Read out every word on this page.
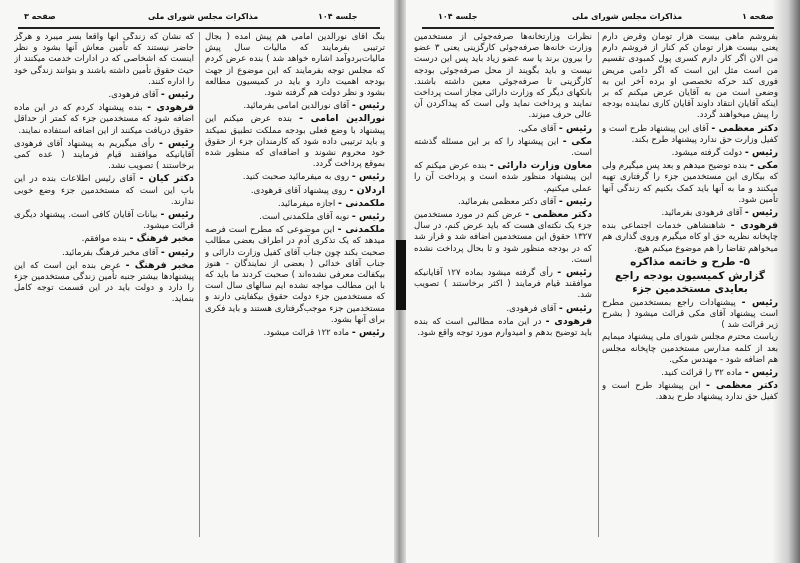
صفحه ۳	مذاکرات مجلس شورای ملی	جلسه ۱۰۴

بنگ آقای نورالدین امامی هم پیش آمده ( بجال ترتیبی بفرمایند که مالیات سال پیش مالیات‌بردوآمد اشاره خواهد شد ) بنده عرض کردم که مجلس توجه بفرمایند که این موضوع از جهت بودجه اهمیت دارد و باید در کمیسیون مطالعه بشود و نظر دولت هم گرفته شود.

رئیس - آقای نورالدین امامی بفرمائید.

نورالدین امامی - بنده عرض میکنم این پیشنهاد با وضع فعلی بودجه مملکت تطبیق نمیکند و باید ترتیبی داده شود که کارمندان جزء از حقوق خود محروم نشوند و اضافه‌ای که منظور شده بموقع پرداخت گردد.

رئیس - روی به میفرمائید صحبت کنید.

اردلان - روی پیشنهاد آقای فرهودی.

ملکمدنی - اجازه میفرمائید.

رئیس - نوبه آقای ملکمدنی است.

ملکمدنی - این موضوعی که مطرح است فرصه میدهد که یک تذکری آدم در اطراف بعضی مطالب صحبت بکند چون جناب آقای کفیل وزارت دارائی و جناب آقای خدائی ( بعضی از نمایندگان - هنوز بیکفالت معرفی نشده‌اند ) صحبت کردند ما باید که با این مطالب مواجه نشده ایم سالهای سال است که مستخدمین جزء دولت حقوق بیکفایتی دارند و مستخدمین جزء موجب‌گرفتاری هستند و باید فکری برای آنها بشود.

رئیس - ماده ۱۲۲ قرائت میشود.

که نشان که زندگی آنها واقعاً بسر میبرد و هرگز حاضر نیستند که تأمین معاش آنها بشود و نظر اینست که اشخاصی که در ادارات خدمت میکنند از حیث حقوق تأمین داشته باشند و بتوانند زندگی خود را اداره کنند.

رئیس - آقای فرهودی.

فرهودی - بنده پیشنهاد کردم که در این ماده اضافه شود که مستخدمین جزء که کمتر از حداقل حقوق دریافت میکنند از این اضافه استفاده نمایند.

رئیس - رأی میگیریم به پیشنهاد آقای فرهودی آقایانیکه موافقند قیام فرمایند ( عده کمی برخاستند ) تصویب نشد.

دکتر کیان - آقای رئیس اطلاعات بنده در این باب این است که مستخدمین جزء وضع خوبی ندارند.

رئیس - بیانات آقایان کافی است. پیشنهاد دیگری قرائت میشود.

مخبر فرهنگ - بنده موافقم.

رئیس - آقای مخبر فرهنگ بفرمائید.

مخبر فرهنگ - عرض بنده این است که این پیشنهادها بیشتر جنبه تأمین زندگی مستخدمین جزء را دارد و دولت باید در این قسمت توجه کامل بنماید.

جلسه ۱۰۴	مذاکرات مجلس شورای ملی	صفحه ۱

بفروشم ماهی بیست هزار تومان وقرض دارم یعنی بیست هزار تومان کم کنار از فروشم دارم من الان اگر کار دارم کسری پول کمبودی تقسیم من است مثل این است که اگر دامی مریض فوری کند حرکه تخصصی او برده آخر این به وضعی است من به آقایان عرض میکنم که بر اینکه آقایان انتقاد داوند آقایان کاری نماینده بودجه را پیش میخواهند گردد.

دکتر معظمی - آقای این پیشنهاد طرح است و کفیل وزارت حق ندارد پیشنهاد طرح بکند.

رئیس - دولت گرفته میشود.

مکی - بنده توضیح میدهم و بعد پس میگیرم ولی که بیکاری این مستخدمین جزء را گرفتاری تهیه میکنند و ما به آنها باید کمک بکنیم که زندگی آنها تأمین شود.

رئیس - آقای فرهودی بفرمائید.

فرهودی - شاهنشاهی خدمات اجتماعی بنده چاپخانه نظریه حق او کاه میگیرم وروی گذاری هم میخواهم تقاضا را هم موضوع میکنم هیچ.

۵- طرح و خاتمه مذاکره

گزارش کمیسیون بودجه راجع بعایدی مستخدمین جزء

رئیس - پیشنهادات راجع بمستخدمین مطرح است پیشنهاد آقای مکی قرائت میشود ( بشرح زیر قرائت شد )

ریاست محترم مجلس شورای ملی پیشنهاد میمایم بعد از کلمه مدارس مستخدمین چاپخانه مجلس هم اضافه شود - مهندس مکی.

رئیس - ماده ۳۲ را قرائت کنید.

دکتر معظمی - این پیشنهاد طرح است و کفیل حق ندارد پیشنهاد طرح بدهد.

نظرات وزارتخانه‌ها صرفه‌جوئی از مستخدمین وزارت خانه‌ها صرفه‌جوئی کارگزینی یعنی ۳ عضو را بیرون برند یا سه عضو زیاد باید پس این درست نیست و باید بگویند از محل صرفه‌جوئی بودجه کارگزینی تا صرفه‌جوئی معین داشته باشند. بانکهای دیگر که وزارت دارائی مجاز است پرداخت نمایند و پرداخت نماید ولی است که پیداکردن آن عالی حرف میزند.

رئیس - آقای مکی.

مکی - این پیشنهاد را که بر این مسئله گذشته است.

معاون وزارت دارائی - بنده عرض میکنم که این پیشنهاد منظور شده است و پرداخت آن را عملی میکنیم.

رئیس - آقای دکتر معظمی بفرمائید.

دکتر معظمی - عرض کنم در مورد مستخدمین جزء یک نکته‌ای هست که باید عرض کنم، در سال ۱۳۲۷ حقوق این مستخدمین اضافه شد و قرار شد که در بودجه منظور شود و تا بحال پرداخت نشده است.

رئیس - رأی گرفته میشود بماده ۱۲۷ آقایانیکه موافقند قیام فرمایند ( اکثر برخاستند ) تصویب شد.

رئیس - آقای فرهودی.

فرهودی - در این ماده مطالبی است که بنده باید توضیح بدهم و امیدوارم مورد توجه واقع شود.
